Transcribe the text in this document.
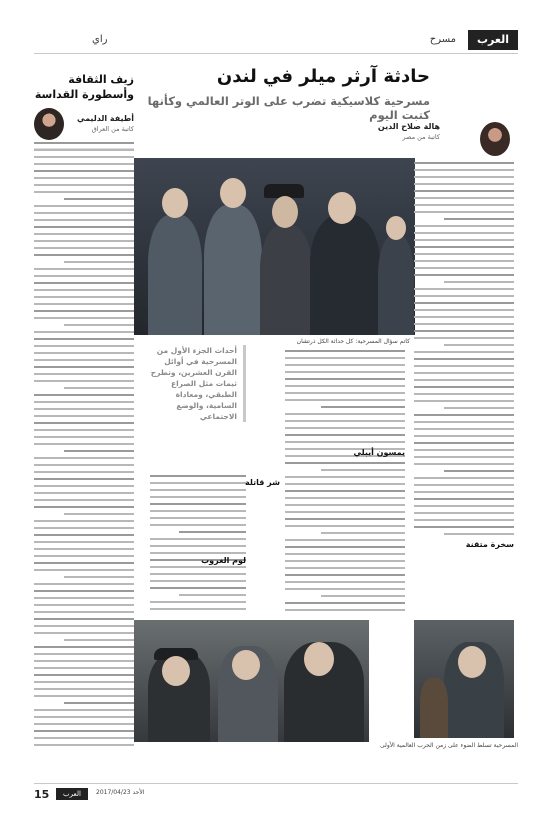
العرب
مسرح
راي
حادثة آرثر ميلر في لندن
مسرحية كلاسيكية تضرب على الوتر العالمي وكأنها كتبت اليوم
هالة صلاح الدين
كاتبة من مصر
زيف الثقافة وأسطورة القداسة
أطيفة الدليمي
كاتبة من العراق
كاتم سؤال المسرحية: كل حداثة الكل ذرتشان
أحداث الجزء الأول من المسرحية في أوائل القرن العشرين، وتطرح ثيمات مثل الصراع الطبقي، ومعاداة السامية، والوضع الاجتماعي
يمسون أيبلي
شر قاتلة
لوم الغروب
سخرة متقنة
المسرحية تسلط الضوء على زمن الحرب العالمية الأولى
15	العرب	الأحد 2017/04/23
